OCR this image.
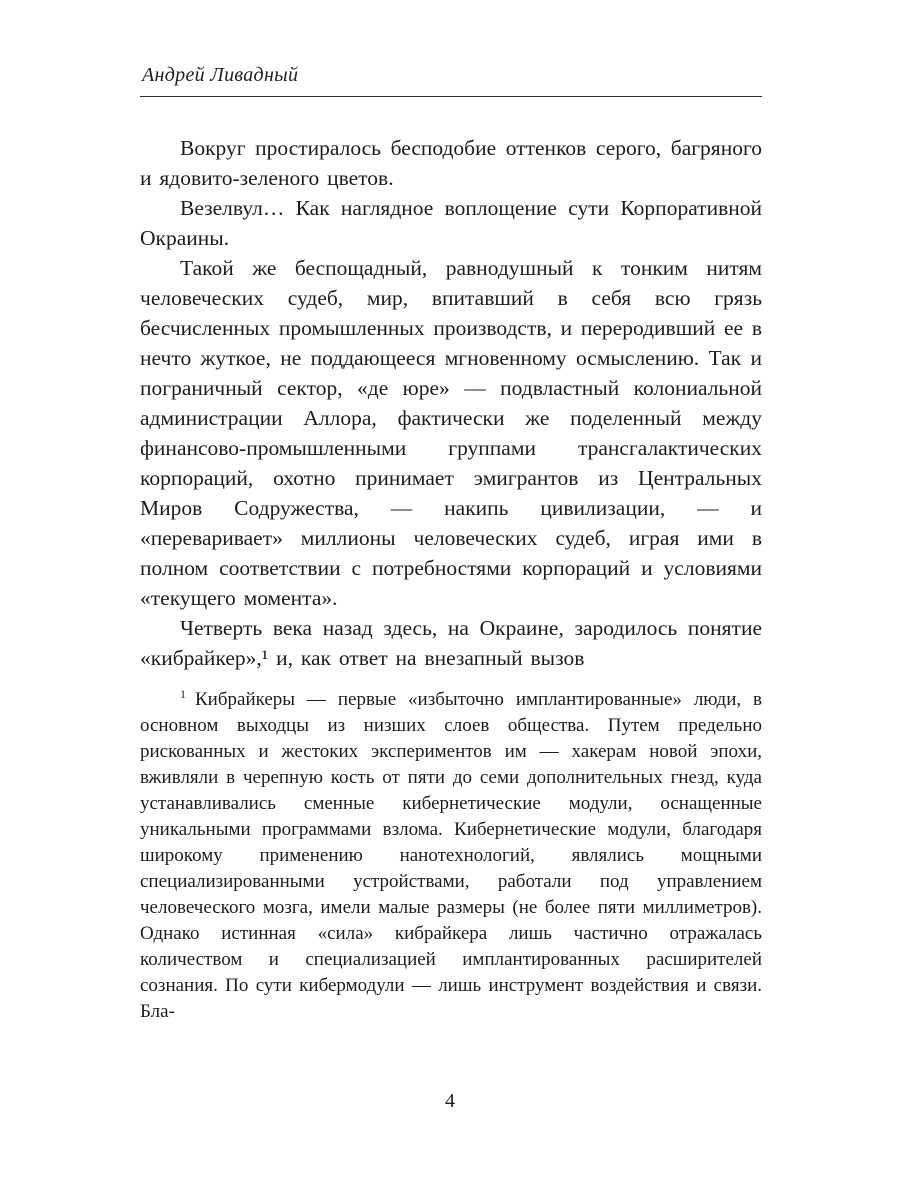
Андрей Ливадный

Вокруг простиралось бесподобие оттенков серого, багряного и ядовито-зеленого цветов.

Везелвул… Как наглядное воплощение сути Корпоративной Окраины.

Такой же беспощадный, равнодушный к тонким нитям человеческих судеб, мир, впитавший в себя всю грязь бесчисленных промышленных производств, и переродивший ее в нечто жуткое, не поддающееся мгновенному осмыслению. Так и пограничный сектор, «де юре» — подвластный колониальной администрации Аллора, фактически же поделенный между финансово-промышленными группами трансгалактических корпораций, охотно принимает эмигрантов из Центральных Миров Содружества, — накипь цивилизации, — и «переваривает» миллионы человеческих судеб, играя ими в полном соответствии с потребностями корпораций и условиями «текущего момента».

Четверть века назад здесь, на Окраине, зародилось понятие «кибрайкер»,¹ и, как ответ на внезапный вызов

$^1$ Кибрайкеры — первые «избыточно имплантированные» люди, в основном выходцы из низших слоев общества. Путем предельно рискованных и жестоких экспериментов им — хакерам новой эпохи, вживляли в черепную кость от пяти до семи дополнительных гнезд, куда устанавливались сменные кибернетические модули, оснащенные уникальными программами взлома. Кибернетические модули, благодаря широкому применению нанотехнологий, являлись мощными специализированными устройствами, работали под управлением человеческого мозга, имели малые размеры (не более пяти миллиметров). Однако истинная «сила» кибрайкера лишь частично отражалась количеством и специализацией имплантированных расширителей сознания. По сути кибермодули — лишь инструмент воздействия и связи. Бла-

4
